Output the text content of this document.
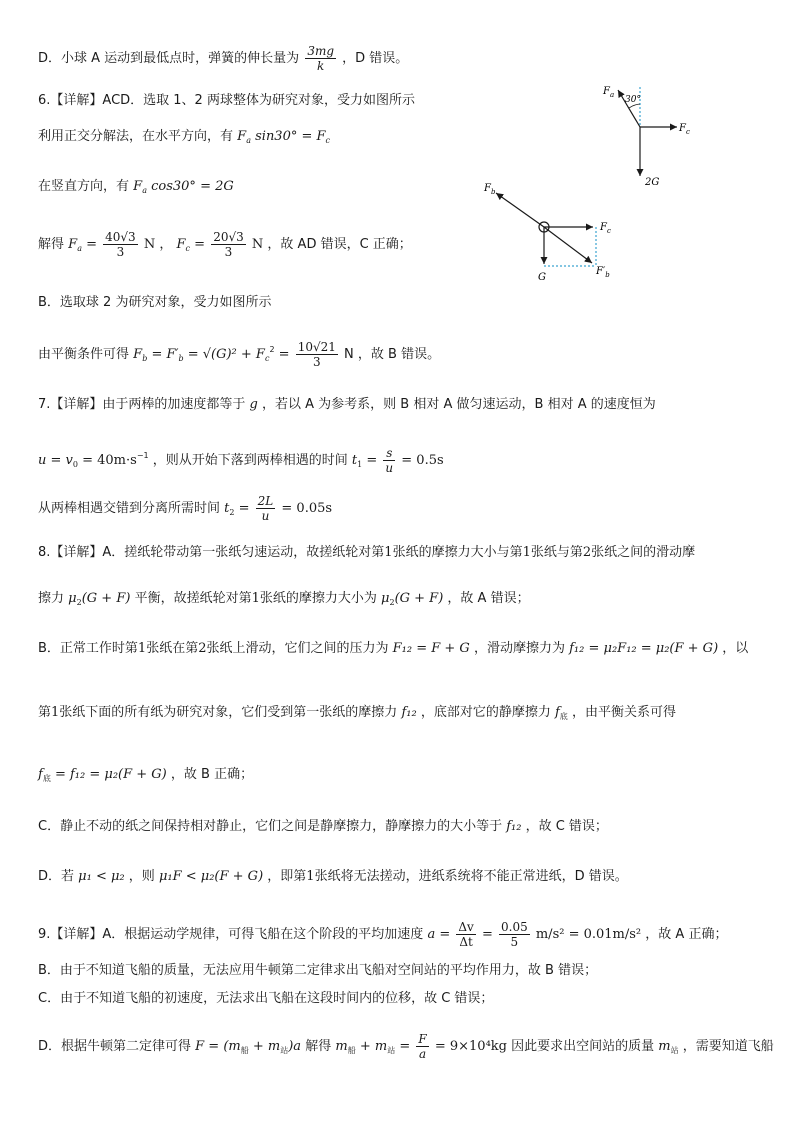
D．小球 A 运动到最低点时，弹簧的伸长量为 $\frac{3mg}{k}$ ，D 错误。
6.【详解】ACD．选取 1、2 两球整体为研究对象，受力如图所示
利用正交分解法，在水平方向，有 $F_a$ $\sin 30^\circ = F_c$
在竖直方向，有 $F_a$ cos30° = 2G
解得 $F_a = \frac{40√3}{3}$ N ， $F_c = \frac{20√3}{3}$ N ，故 AD 错误，C 正确；
B．选取球 2 为研究对象，受力如图所示
由平衡条件可得 $F_b = F'_b = √(G)^2 + F_c^2 = \frac{10√21}{3}$ N ，故 B 错误。
7.【详解】由于两棒的加速度都等于 g ，若以 A 为参考系，则 B 相对 A 做匀速运动，B 相对 A 的速度恒为
$u = v_0 = 40m\cdot s^{-1}$ ，则从开始下落到两棒相遇的时间 $t_1 = \frac{s}{u} = 0.5s$
从两棒相遇交错到分离所需时间 $t_2 = \frac{2L}{u} = 0.05s$
8.【详解】A．搓纸轮带动第一张纸匀速运动，故搓纸轮对第1张纸的摩擦力大小与第1张纸与第2张纸之间的滑动摩
擦力 $\mu_2(G + F)$ 平衡，故搓纸轮对第1张纸的摩擦力大小为 $\mu_2(G + F)$ ，故 A 错误；
B．正常工作时第1张纸在第2张纸上滑动，它们之间的压力为 F₁₂ = F + G ，滑动摩擦力为 f₁₂ = μ₂F₁₂ = μ₂(F + G) ，以
第1张纸下面的所有纸为研究对象，它们受到第一张纸的摩擦力 f₁₂ ，底部对它的静摩擦力 $f_底$ ，由平衡关系可得
$f_底 = f_{12} = \mu_2(F + G)$ ，故 B 正确；
C．静止不动的纸之间保持相对静止，它们之间是静摩擦力，静摩擦力的大小等于 f₁₂ ，故 C 错误；
D．若 μ₁ < μ₂ ，则 μ₁F < μ₂(F + G) ，即第1张纸将无法搓动，进纸系统将不能正常进纸，D 错误。
9.【详解】A．根据运动学规律，可得飞船在这个阶段的平均加速度 $a = \frac{\Delta v}{\Delta t} = \frac{0.05}{5} m/s^2 = 0.01m/s^2$ ，故 A 正确；
B．由于不知道飞船的质量，无法应用牛顿第二定律求出飞船对空间站的平均作用力，故 B 错误；
C．由于不知道飞船的初速度，无法求出飞船在这段时间内的位移，故 C 错误；
D．根据牛顿第二定律可得 $F = (m_船 + m_站)a$ 解得 $m_船 + m_站 = \frac{F}{a} = 9\times 10^4kg$ 因此要求出空间站的质量 $m_站$ ，需要知道飞船
$F_a$ 30°
$F_c$
2G
$F_b$
$F_c$
G
$F'_b$
